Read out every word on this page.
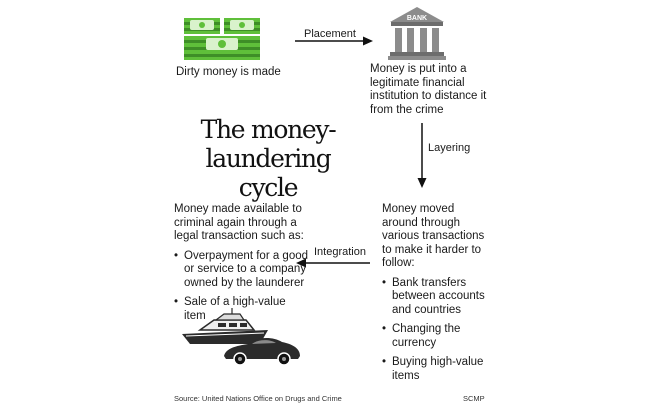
BANK
Dirty money is made
Placement
Money is put into a legitimate financial institution to distance it from the crime
The money-
laundering cycle
Layering
Money moved around through various transactions to make it harder to follow:
• Bank transfers between accounts and countries
• Changing the currency
• Buying high-value items
Integration
Money made available to criminal again through a legal transaction such as:
• Overpayment for a good or service to a company owned by the launderer
• Sale of a high-value item
Source: United Nations Office on Drugs and Crime	SCMP
